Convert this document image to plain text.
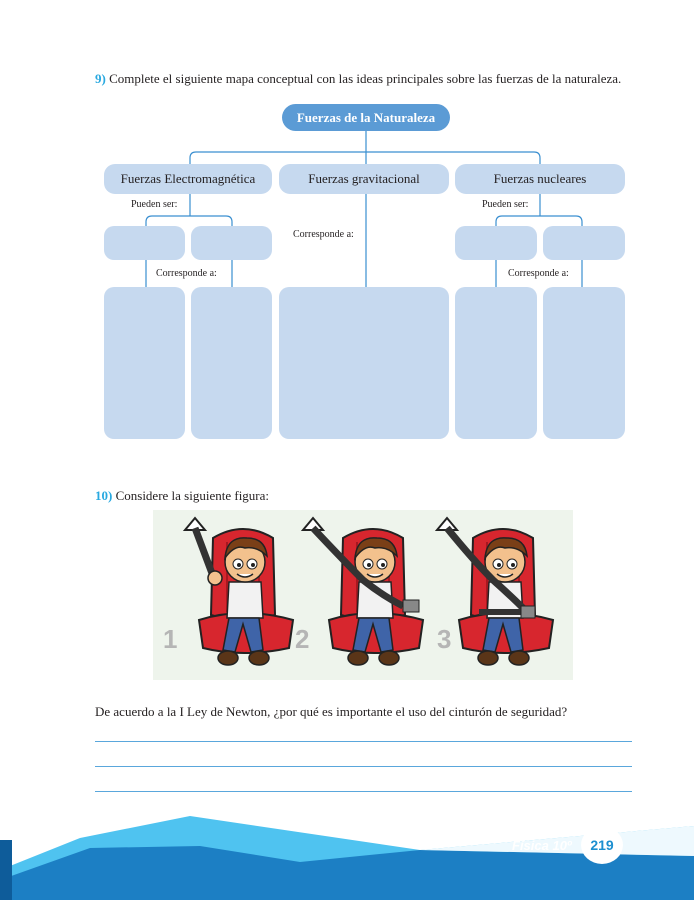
9) Complete el siguiente mapa conceptual con las ideas principales sobre las fuerzas de la naturaleza.
Fuerzas de la Naturaleza
Fuerzas Electromagnética	Fuerzas gravitacional	Fuerzas nucleares
Pueden ser:	Pueden ser:
Corresponde a:
Corresponde a:	Corresponde a:
10) Considere la siguiente figura:
1	2	3
De acuerdo a la I Ley de Newton, ¿por qué es importante el uso del cinturón de seguridad?
Física 10º	219
